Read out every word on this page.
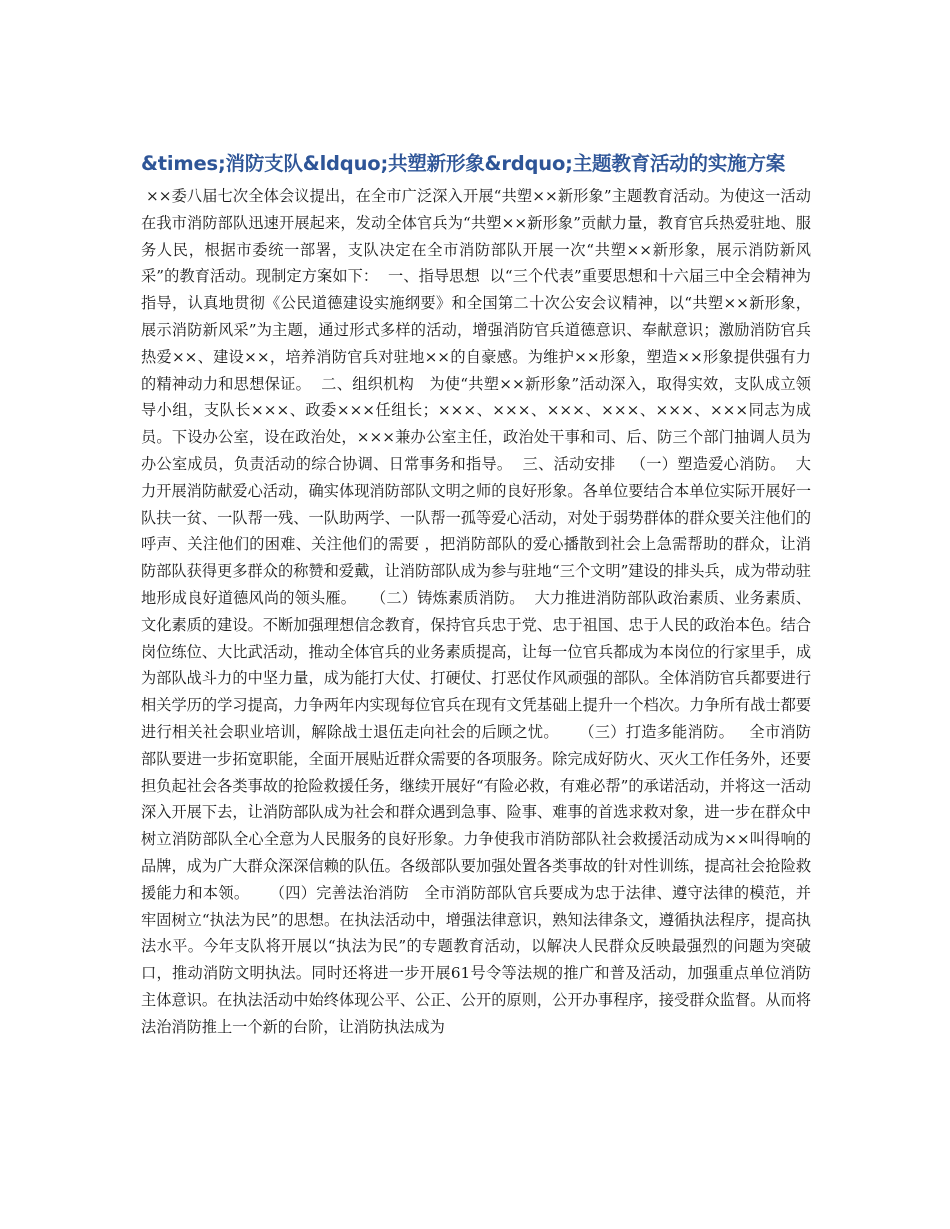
&times;消防支队&ldquo;共塑新形象&rdquo;主题教育活动的实施方案

××委八届七次全体会议提出，在全市广泛深入开展“共塑××新形象”主题教育活动。为使这一活动在我市消防部队迅速开展起来，发动全体官兵为“共塑××新形象”贡献力量，教育官兵热爱驻地、服务人民，根据市委统一部署，支队决定在全市消防部队开展一次“共塑××新形象，展示消防新风采”的教育活动。现制定方案如下：  一、指导思想  以“三个代表”重要思想和十六届三中全会精神为指导，认真地贯彻《公民道德建设实施纲要》和全国第二十次公安会议精神，以“共塑××新形象，展示消防新风采”为主题，通过形式多样的活动，增强消防官兵道德意识、奉献意识；激励消防官兵热爱××、建设××，培养消防官兵对驻地××的自豪感。为维护××形象，塑造××形象提供强有力的精神动力和思想保证。  二、组织机构   为使“共塑××新形象”活动深入，取得实效，支队成立领导小组，支队长×××、政委×××任组长；×××、×××、×××、×××、×××、×××同志为成员。下设办公室，设在政治处，×××兼办公室主任，政治处干事和司、后、防三个部门抽调人员为办公室成员，负责活动的综合协调、日常事务和指导。  三、活动安排   （一）塑造爱心消防。  大力开展消防献爱心活动，确实体现消防部队文明之师的良好形象。各单位要结合本单位实际开展好一队扶一贫、一队帮一残、一队助两学、一队帮一孤等爱心活动，对处于弱势群体的群众要关注他们的呼声、关注他们的困难、关注他们的需要 ，把消防部队的爱心播散到社会上急需帮助的群众，让消防部队获得更多群众的称赞和爱戴，让消防部队成为参与驻地“三个文明”建设的排头兵，成为带动驻地形成良好道德风尚的领头雁。   （二）铸炼素质消防。  大力推进消防部队政治素质、业务素质、文化素质的建设。不断加强理想信念教育，保持官兵忠于党、忠于祖国、忠于人民的政治本色。结合岗位练位、大比武活动，推动全体官兵的业务素质提高，让每一位官兵都成为本岗位的行家里手，成为部队战斗力的中坚力量，成为能打大仗、打硬仗、打恶仗作风顽强的部队。全体消防官兵都要进行相关学历的学习提高，力争两年内实现每位官兵在现有文凭基础上提升一个档次。力争所有战士都要进行相关社会职业培训，解除战士退伍走向社会的后顾之忧。    （三）打造多能消防。   全市消防部队要进一步拓宽职能，全面开展贴近群众需要的各项服务。除完成好防火、灭火工作任务外，还要担负起社会各类事故的抢险救援任务，继续开展好“有险必救，有难必帮”的承诺活动，并将这一活动深入开展下去，让消防部队成为社会和群众遇到急事、险事、难事的首选求救对象，进一步在群众中树立消防部队全心全意为人民服务的良好形象。力争使我市消防部队社会救援活动成为××叫得响的品牌，成为广大群众深深信赖的队伍。各级部队要加强处置各类事故的针对性训练，提高社会抢险救援能力和本领。    （四）完善法治消防   全市消防部队官兵要成为忠于法律、遵守法律的模范，并牢固树立“执法为民”的思想。在执法活动中，增强法律意识，熟知法律条文，遵循执法程序，提高执法水平。今年支队将开展以“执法为民”的专题教育活动，以解决人民群众反映最强烈的问题为突破口，推动消防文明执法。同时还将进一步开展61号令等法规的推广和普及活动，加强重点单位消防主体意识。在执法活动中始终体现公平、公正、公开的原则，公开办事程序，接受群众监督。从而将法治消防推上一个新的台阶，让消防执法成为
